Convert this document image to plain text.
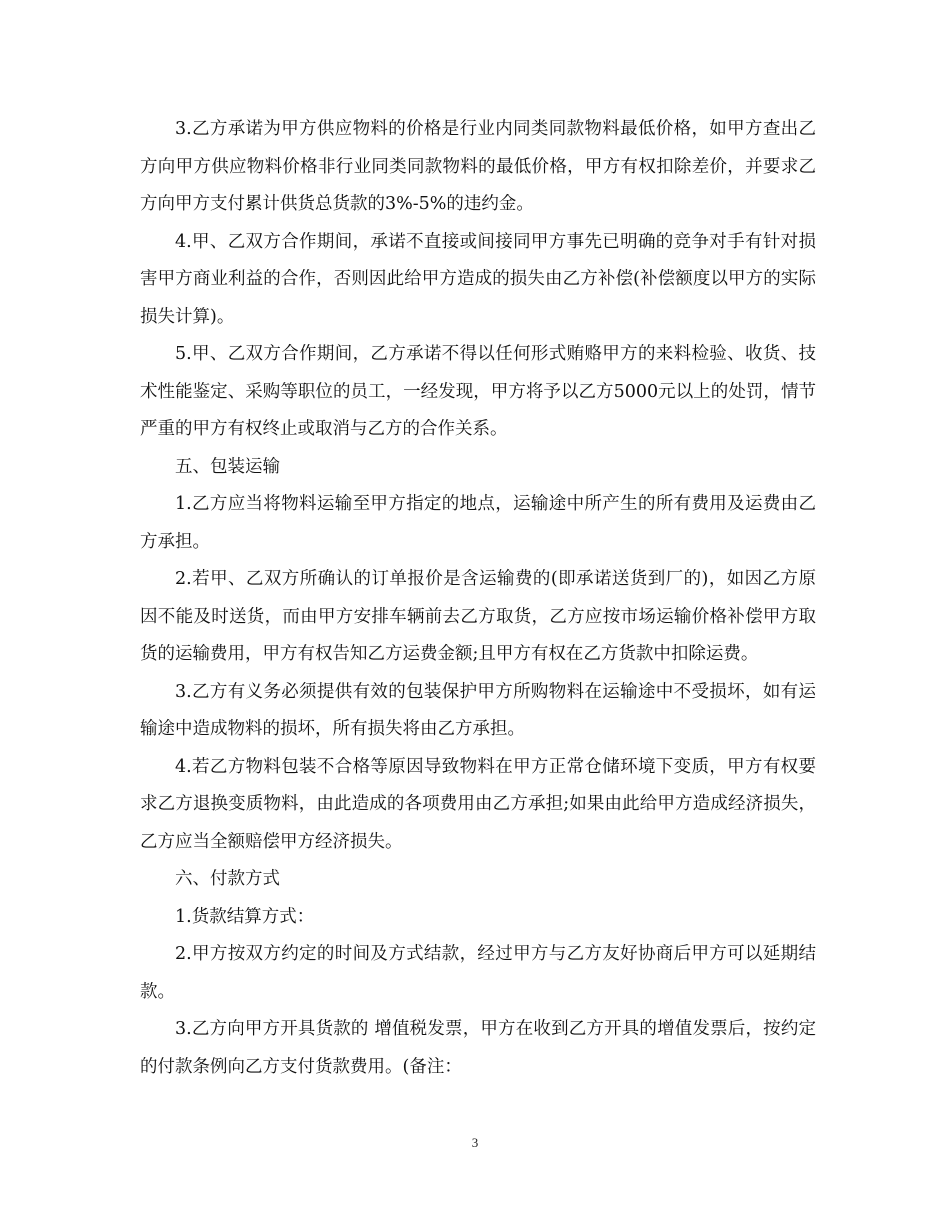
3.乙方承诺为甲方供应物料的价格是行业内同类同款物料最低价格，如甲方查出乙方向甲方供应物料价格非行业同类同款物料的最低价格，甲方有权扣除差价，并要求乙方向甲方支付累计供货总货款的3%-5%的违约金。

4.甲、乙双方合作期间，承诺不直接或间接同甲方事先已明确的竞争对手有针对损害甲方商业利益的合作，否则因此给甲方造成的损失由乙方补偿(补偿额度以甲方的实际损失计算)。

5.甲、乙双方合作期间，乙方承诺不得以任何形式贿赂甲方的来料检验、收货、技术性能鉴定、采购等职位的员工，一经发现，甲方将予以乙方5000元以上的处罚，情节严重的甲方有权终止或取消与乙方的合作关系。

五、包装运输

1.乙方应当将物料运输至甲方指定的地点，运输途中所产生的所有费用及运费由乙方承担。

2.若甲、乙双方所确认的订单报价是含运输费的(即承诺送货到厂的)，如因乙方原因不能及时送货，而由甲方安排车辆前去乙方取货，乙方应按市场运输价格补偿甲方取货的运输费用，甲方有权告知乙方运费金额;且甲方有权在乙方货款中扣除运费。

3.乙方有义务必须提供有效的包装保护甲方所购物料在运输途中不受损坏，如有运输途中造成物料的损坏，所有损失将由乙方承担。

4.若乙方物料包装不合格等原因导致物料在甲方正常仓储环境下变质，甲方有权要求乙方退换变质物料，由此造成的各项费用由乙方承担;如果由此给甲方造成经济损失，乙方应当全额赔偿甲方经济损失。

六、付款方式

1.货款结算方式：

2.甲方按双方约定的时间及方式结款，经过甲方与乙方友好协商后甲方可以延期结款。

3.乙方向甲方开具货款的 增值税发票，甲方在收到乙方开具的增值发票后，按约定的付款条例向乙方支付货款费用。(备注：

3
